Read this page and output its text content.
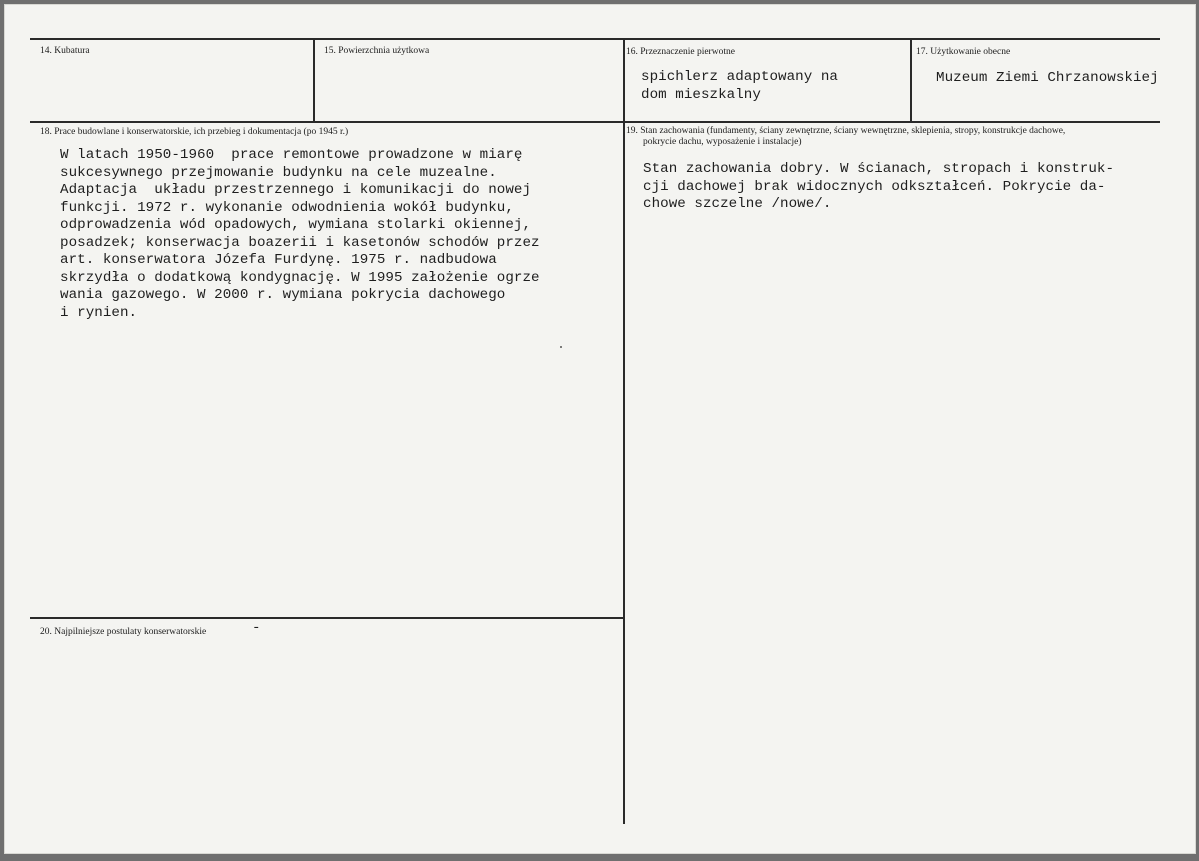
14. Kubatura	15. Powierzchnia użytkowa	16. Przeznaczenie pierwotne
spichlerz adaptowany na
dom mieszkalny
17. Użytkowanie obecne
Muzeum Ziemi Chrzanowskiej
18. Prace budowlane i konserwatorskie, ich przebieg i dokumentacja (po 1945 r.)
W latach 1950-1960  prace remontowe prowadzone w miarę
sukcesywnego przejmowanie budynku na cele muzealne.
Adaptacja  układu przestrzennego i komunikacji do nowej
funkcji. 1972 r. wykonanie odwodnienia wokół budynku,
odprowadzenia wód opadowych, wymiana stolarki okiennej,
posadzek; konserwacja boazerii i kasetonów schodów przez
art. konserwatora Józefa Furdynę. 1975 r. nadbudowa
skrzydła o dodatkową kondygnację. W 1995 założenie ogrze
wania gazowego. W 2000 r. wymiana pokrycia dachowego
i rynien.
19. Stan zachowania (fundamenty, ściany zewnętrzne, ściany wewnętrzne, sklepienia, stropy, konstrukcje dachowe,
pokrycie dachu, wyposażenie i instalacje)
Stan zachowania dobry. W ścianach, stropach i konstruk-
cji dachowej brak widocznych odkształceń. Pokrycie da-
chowe szczelne /nowe/.
20. Najpilniejsze postulaty konserwatorskie	-
